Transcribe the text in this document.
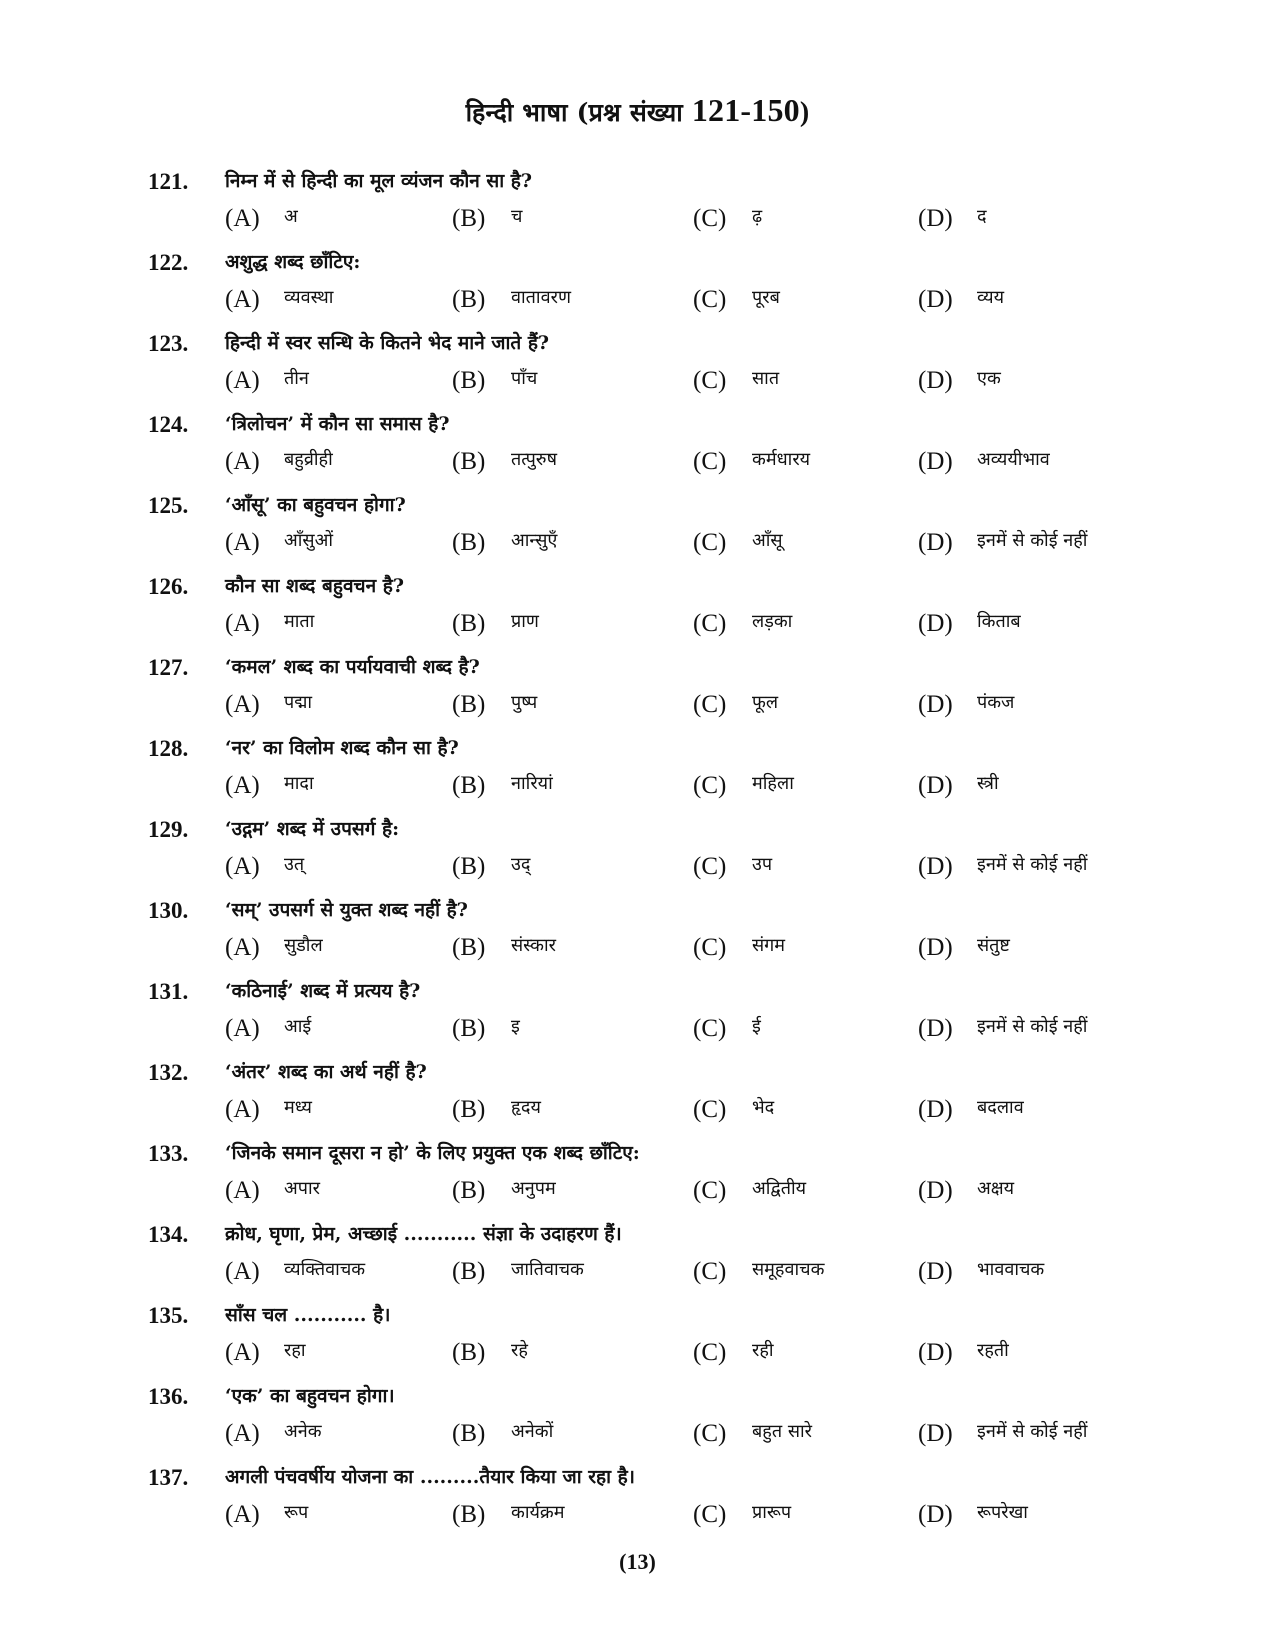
हिन्दी भाषा (प्रश्न संख्या 121-150)
121. निम्न में से हिन्दी का मूल व्यंजन कौन सा है?
(A) अ	(B) च	(C) ढ़	(D) द
122. अशुद्ध शब्द छाँटिए:
(A) व्यवस्था	(B) वातावरण	(C) पूरब	(D) व्यय
123. हिन्दी में स्वर सन्धि के कितने भेद माने जाते हैं?
(A) तीन	(B) पाँच	(C) सात	(D) एक
124. ‘त्रिलोचन’ में कौन सा समास है?
(A) बहुव्रीही	(B) तत्पुरुष	(C) कर्मधारय	(D) अव्ययीभाव
125. ‘आँसू’ का बहुवचन होगा?
(A) आँसुओं	(B) आन्सुएँ	(C) आँसू	(D) इनमें से कोई नहीं
126. कौन सा शब्द बहुवचन है?
(A) माता	(B) प्राण	(C) लड़का	(D) किताब
127. ‘कमल’ शब्द का पर्यायवाची शब्द है?
(A) पद्मा	(B) पुष्प	(C) फूल	(D) पंकज
128. ‘नर’ का विलोम शब्द कौन सा है?
(A) मादा	(B) नारियां	(C) महिला	(D) स्त्री
129. ‘उद्गम’ शब्द में उपसर्ग है:
(A) उत्	(B) उद्	(C) उप	(D) इनमें से कोई नहीं
130. ‘सम्’ उपसर्ग से युक्त शब्द नहीं है?
(A) सुडौल	(B) संस्कार	(C) संगम	(D) संतुष्ट
131. ‘कठिनाई’ शब्द में प्रत्यय है?
(A) आई	(B) इ	(C) ई	(D) इनमें से कोई नहीं
132. ‘अंतर’ शब्द का अर्थ नहीं है?
(A) मध्य	(B) हृदय	(C) भेद	(D) बदलाव
133. ‘जिनके समान दूसरा न हो’ के लिए प्रयुक्त एक शब्द छाँटिए:
(A) अपार	(B) अनुपम	(C) अद्वितीय	(D) अक्षय
134. क्रोध, घृणा, प्रेम, अच्छाई ........... संज्ञा के उदाहरण हैं।
(A) व्यक्तिवाचक	(B) जातिवाचक	(C) समूहवाचक	(D) भाववाचक
135. साँस चल ........... है।
(A) रहा	(B) रहे	(C) रही	(D) रहती
136. ‘एक’ का बहुवचन होगा।
(A) अनेक	(B) अनेकों	(C) बहुत सारे	(D) इनमें से कोई नहीं
137. अगली पंचवर्षीय योजना का .........तैयार किया जा रहा है।
(A) रूप	(B) कार्यक्रम	(C) प्रारूप	(D) रूपरेखा
(13)
